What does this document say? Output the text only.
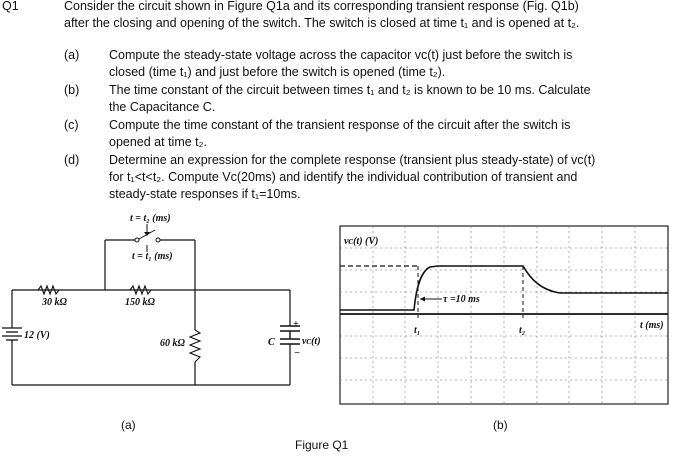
Q1	Consider the circuit shown in Figure Q1a and its corresponding transient response (Fig. Q1b)
after the closing and opening of the switch. The switch is closed at time t₁ and is opened at t₂.
(a) Compute the steady-state voltage across the capacitor vᴄ(t) just before the switch is
closed (time t₁) and just before the switch is opened (time t₂).
(b) The time constant of the circuit between times t₁ and t₂ is known to be 10 ms. Calculate
the Capacitance C.
(c) Compute the time constant of the transient response of the circuit after the switch is
opened at time t₂.
(d) Determine an expression for the complete response (transient plus steady-state) of vᴄ(t)
for t₁<t<t₂. Compute Vᴄ(20ms) and identify the individual contribution of transient and
steady-state responses if t₁=10ms.
t = t₂ (ms)
t = t₁ (ms)
30 kΩ	150 kΩ
12 (V)
60 kΩ	C	vᴄ(t)
+
−
(a)
vᴄ(t) (V)
τ =10 ms
t₁	t₂	t (ms)
(b)
Figure Q1
